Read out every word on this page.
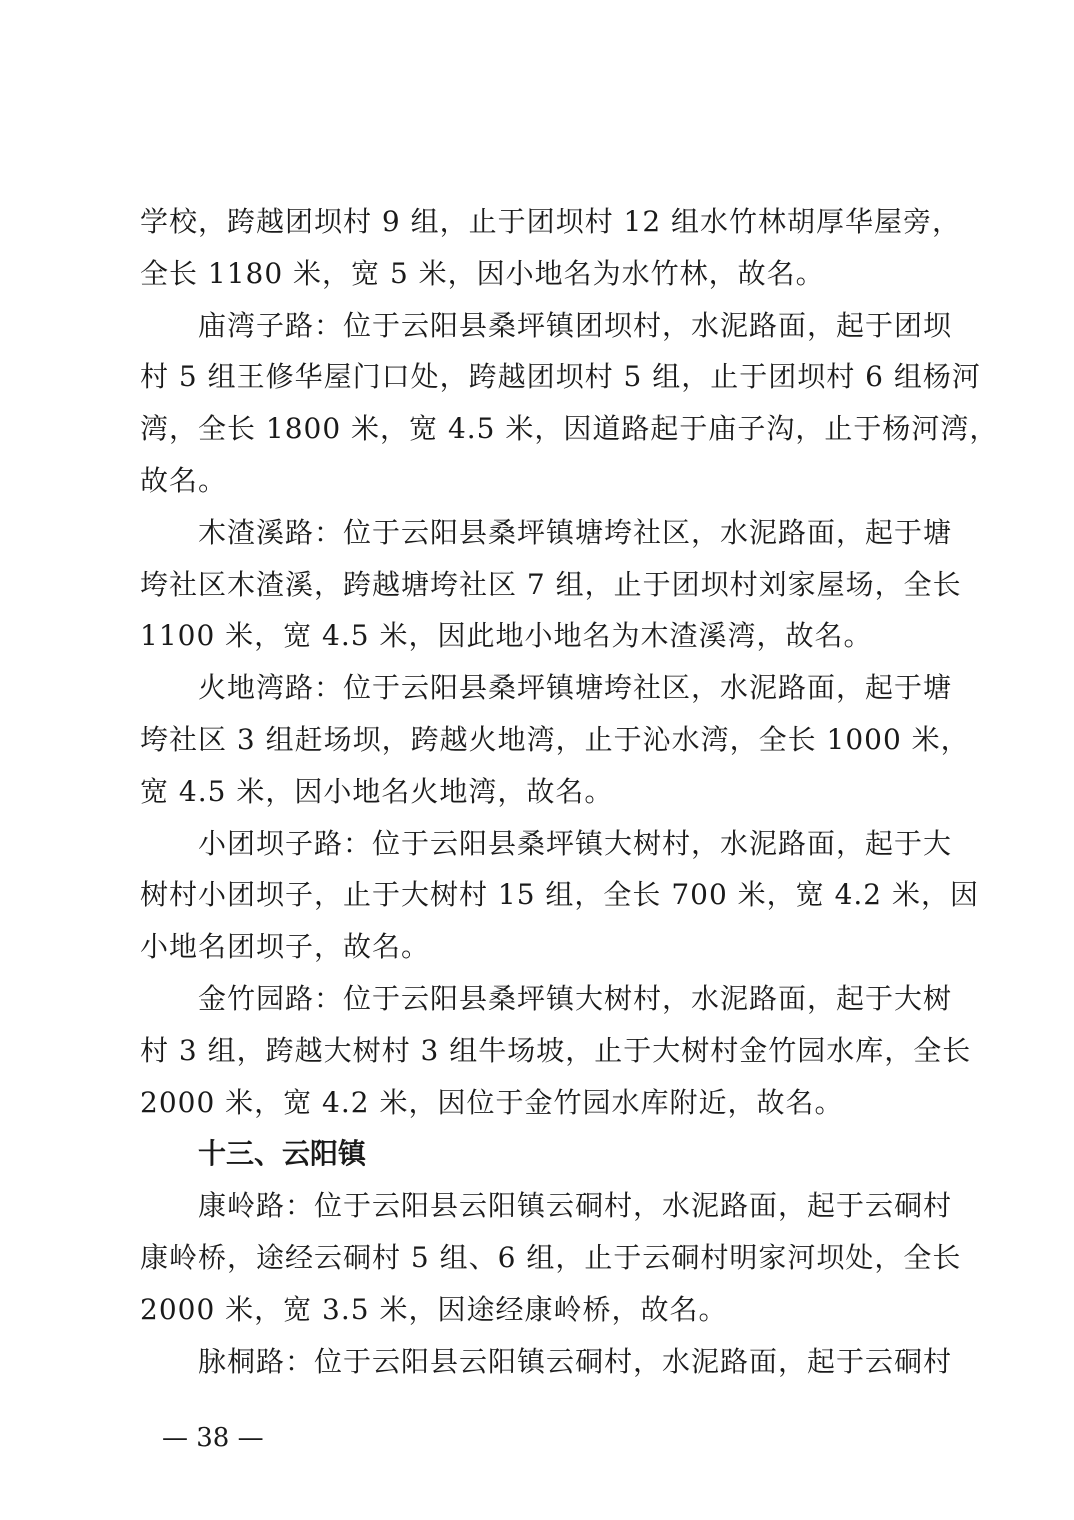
学校，跨越团坝村 9 组，止于团坝村 12 组水竹林胡厚华屋旁，
全长 1180 米，宽 5 米，因小地名为水竹林，故名。
庙湾子路：位于云阳县桑坪镇团坝村，水泥路面，起于团坝
村 5 组王修华屋门口处，跨越团坝村 5 组，止于团坝村 6 组杨河
湾，全长 1800 米，宽 4.5 米，因道路起于庙子沟，止于杨河湾，
故名。
木渣溪路：位于云阳县桑坪镇塘垮社区，水泥路面，起于塘
垮社区木渣溪，跨越塘垮社区 7 组，止于团坝村刘家屋场，全长
1100 米，宽 4.5 米，因此地小地名为木渣溪湾，故名。
火地湾路：位于云阳县桑坪镇塘垮社区，水泥路面，起于塘
垮社区 3 组赶场坝，跨越火地湾，止于沁水湾，全长 1000 米，
宽 4.5 米，因小地名火地湾，故名。
小团坝子路：位于云阳县桑坪镇大树村，水泥路面，起于大
树村小团坝子，止于大树村 15 组，全长 700 米，宽 4.2 米，因
小地名团坝子，故名。
金竹园路：位于云阳县桑坪镇大树村，水泥路面，起于大树
村 3 组，跨越大树村 3 组牛场坡，止于大树村金竹园水库，全长
2000 米，宽 4.2 米，因位于金竹园水库附近，故名。
十三、云阳镇
康岭路：位于云阳县云阳镇云硐村，水泥路面，起于云硐村
康岭桥，途经云硐村 5 组、6 组，止于云硐村明家河坝处，全长
2000 米，宽 3.5 米，因途经康岭桥，故名。
脉桐路：位于云阳县云阳镇云硐村，水泥路面，起于云硐村
— 38 —
